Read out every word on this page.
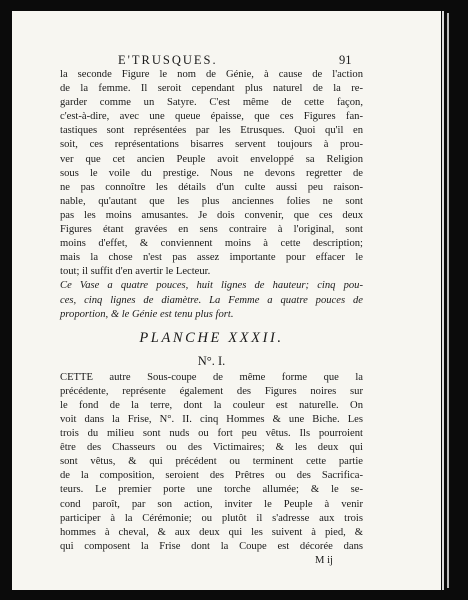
E'TRUSQUES.	91
la seconde Figure le nom de Génie, à cause de l'action
de la femme. Il seroit cependant plus naturel de la re-
garder comme un Satyre. C'est même de cette façon,
c'est-à-dire, avec une queue épaisse, que ces Figures fan-
tastiques sont représentées par les Etrusques. Quoi qu'il en
soit, ces représentations bisarres servent toujours à prou-
ver que cet ancien Peuple avoit enveloppé sa Religion
sous le voile du prestige. Nous ne devons regretter de
ne pas connoître les détails d'un culte aussi peu raison-
nable, qu'autant que les plus anciennes folies ne sont
pas les moins amusantes. Je dois convenir, que ces deux
Figures étant gravées en sens contraire à l'original, sont
moins d'effet, & conviennent moins à cette description;
mais la chose n'est pas assez importante pour effacer le
tout; il suffit d'en avertir le Lecteur.
Ce Vase a quatre pouces, huit lignes de hauteur; cinq pou-
ces, cinq lignes de diamètre. La Femme a quatre pouces de
proportion, & le Génie est tenu plus fort.
PLANCHE XXXII.
N°. I.
CETTE autre Sous-coupe de même forme que la
précédente, représente également des Figures noires sur
le fond de la terre, dont la couleur est naturelle. On
voit dans la Frise, N°. II. cinq Hommes & une Biche. Les
trois du milieu sont nuds ou fort peu vêtus. Ils pourroient
être des Chasseurs ou des Victimaires; & les deux qui
sont vêtus, & qui précédent ou terminent cette partie
de la composition, seroient des Prêtres ou des Sacrifica-
teurs. Le premier porte une torche allumée; & le se-
cond paroît, par son action, inviter le Peuple à venir
participer à la Cérémonie; ou plutôt il s'adresse aux trois
hommes à cheval, & aux deux qui les suivent à pied, &
qui composent la Frise dont la Coupe est décorée dans
M ij
